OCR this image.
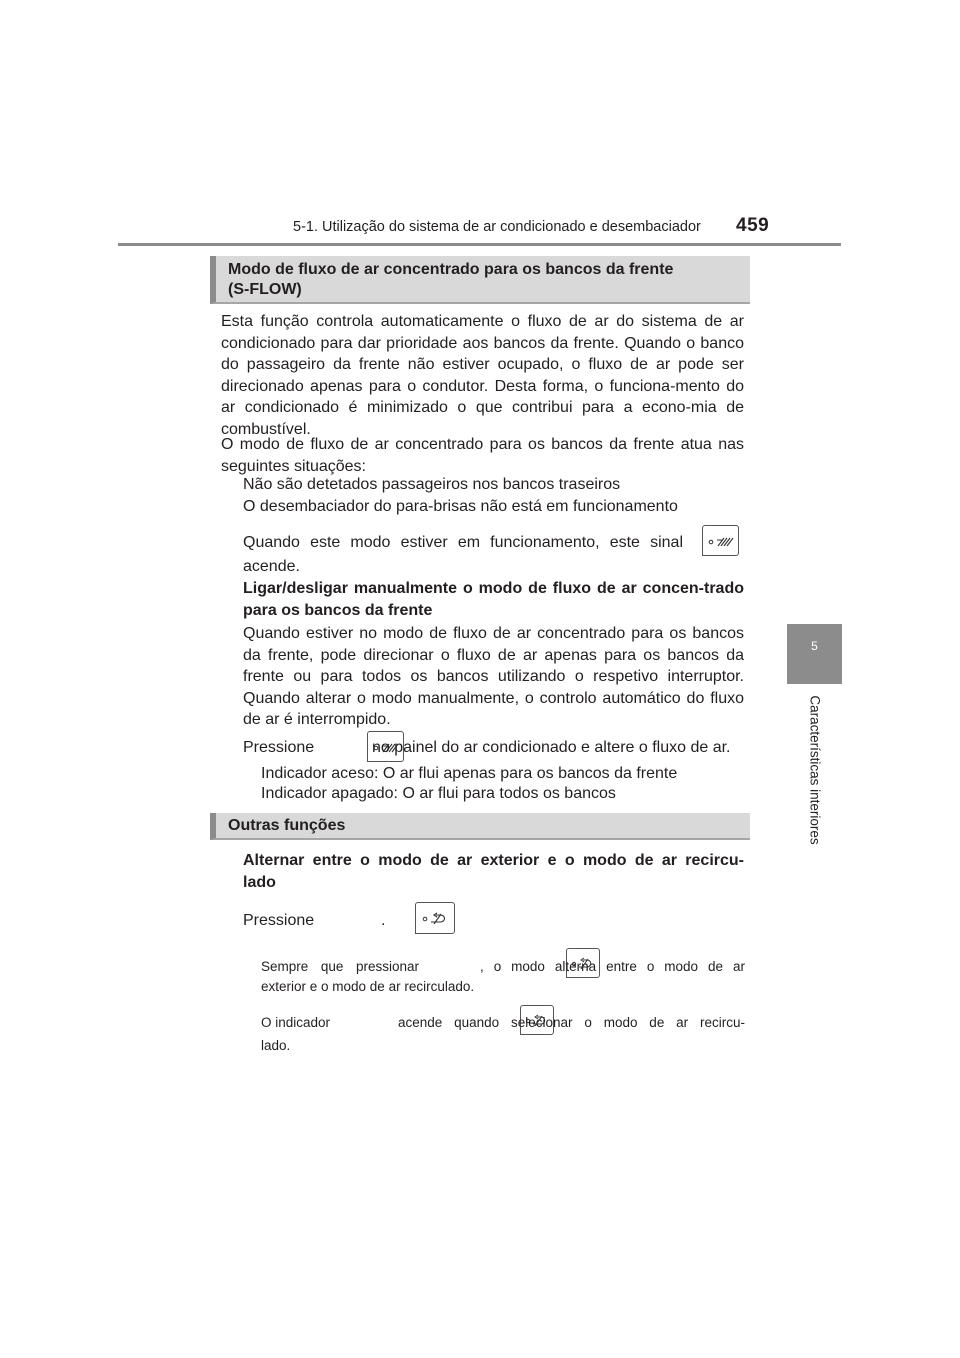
5-1. Utilização do sistema de ar condicionado e desembaciador 459
5
Características interiores
Modo de fluxo de ar concentrado para os bancos da frente
(S-FLOW)

Esta função controla automaticamente o fluxo de ar do sistema de ar condicionado para dar prioridade aos bancos da frente. Quando o banco do passageiro da frente não estiver ocupado, o fluxo de ar pode ser direcionado apenas para o condutor. Desta forma, o funciona-mento do ar condicionado é minimizado o que contribui para a econo-mia de combustível.

O modo de fluxo de ar concentrado para os bancos da frente atua nas seguintes situações:

Não são detetados passageiros nos bancos traseiros
O desembaciador do para-brisas não está em funcionamento
Quando este modo estiver em funcionamento, este sinal

acende.

Ligar/desligar manualmente o modo de fluxo de ar concen-trado para os bancos da frente

Quando estiver no modo de fluxo de ar concentrado para os bancos da frente, pode direcionar o fluxo de ar apenas para os bancos da frente ou para todos os bancos utilizando o respetivo interruptor. Quando alterar o modo manualmente, o controlo automático do fluxo de ar é interrompido.

Pressione
	no painel do ar condicionado e altere o fluxo de ar.
Indicador aceso: O ar flui apenas para os bancos da frente
Indicador apagado: O ar flui para todos os bancos
Outras funções
Alternar entre o modo de ar exterior e o modo de ar recircu-
lado
Pressione
	.
Sempre que pressionar
	, o modo alterna entre o modo de ar
exterior e o modo de ar recirculado.
O indicador	acende quando selecionar o modo de ar recircu-
lado.
